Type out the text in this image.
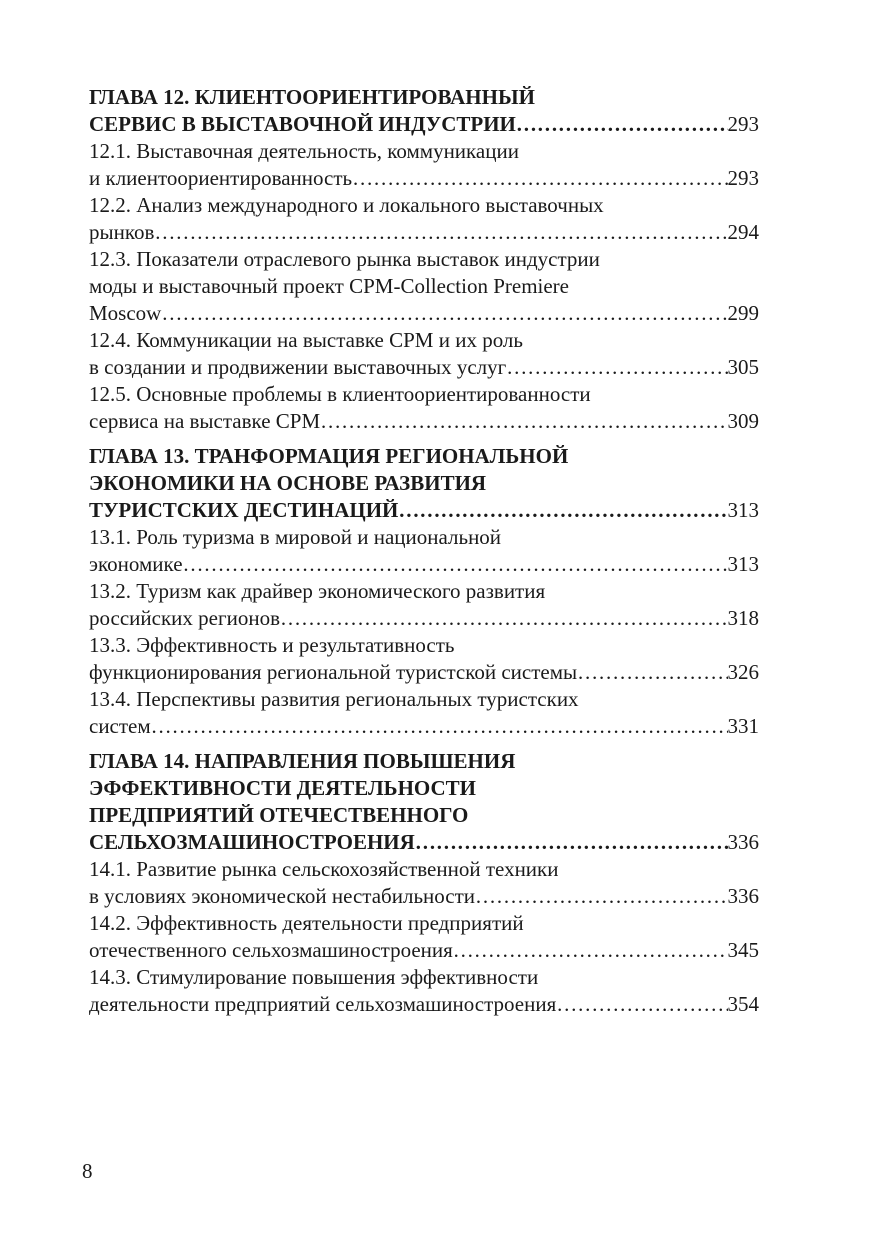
ГЛАВА 12. КЛИЕНТООРИЕНТИРОВАННЫЙ
СЕРВИС В ВЫСТАВОЧНОЙ ИНДУСТРИИ ………………………………………………………………………………………………………………………………………………	293
12.1. Выставочная деятельность, коммуникации
и клиентоориентированность ………………………………………………………………………………………………………………………………………………	293
12.2. Анализ международного и локального выставочных
рынков ………………………………………………………………………………………………………………………………………………	294
12.3. Показатели отраслевого рынка выставок индустрии
моды и выставочный проект CPM-Collection Premiere
Moscow ………………………………………………………………………………………………………………………………………………	299
12.4. Коммуникации на выставке CPM и их роль
в создании и продвижении выставочных услуг ………………………………………………………………………………………………………………………………………………	305
12.5. Основные проблемы в клиентоориентированности
сервиса на выставке CPM ………………………………………………………………………………………………………………………………………………	309
ГЛАВА 13. ТРАНФОРМАЦИЯ РЕГИОНАЛЬНОЙ
ЭКОНОМИКИ НА ОСНОВЕ РАЗВИТИЯ
ТУРИСТСКИХ ДЕСТИНАЦИЙ ………………………………………………………………………………………………………………………………………………	313
13.1. Роль туризма в мировой и национальной
экономике ………………………………………………………………………………………………………………………………………………	313
13.2. Туризм как драйвер экономического развития
российских регионов ………………………………………………………………………………………………………………………………………………	318
13.3. Эффективность и результативность
функционирования региональной туристской системы ………………………………………………………………………………………………………………………………………………	326
13.4. Перспективы развития региональных туристских
систем ………………………………………………………………………………………………………………………………………………	331
ГЛАВА 14. НАПРАВЛЕНИЯ ПОВЫШЕНИЯ
ЭФФЕКТИВНОСТИ ДЕЯТЕЛЬНОСТИ
ПРЕДПРИЯТИЙ ОТЕЧЕСТВЕННОГО
СЕЛЬХОЗМАШИНОСТРОЕНИЯ ………………………………………………………………………………………………………………………………………………	336
14.1. Развитие рынка сельскохозяйственной техники
в условиях экономической нестабильности ………………………………………………………………………………………………………………………………………………	336
14.2. Эффективность деятельности предприятий
отечественного сельхозмашиностроения ………………………………………………………………………………………………………………………………………………	345
14.3. Стимулирование повышения эффективности
деятельности предприятий сельхозмашиностроения ………………………………………………………………………………………………………………………………………………	354
8
